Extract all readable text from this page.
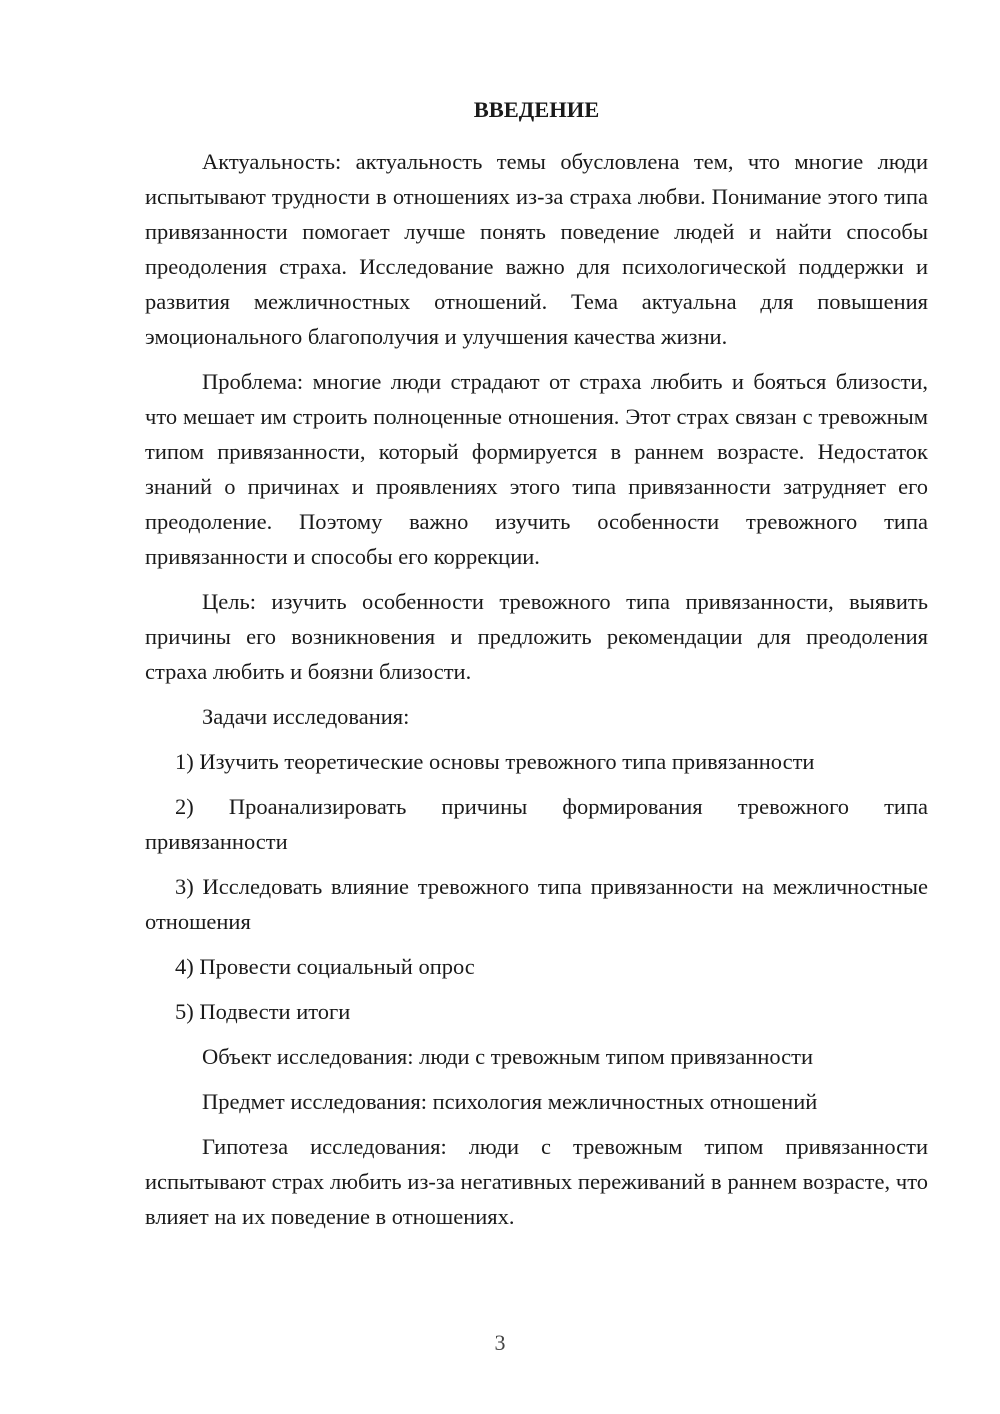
ВВЕДЕНИЕ

Актуальность: актуальность темы обусловлена тем, что многие люди испытывают трудности в отношениях из-за страха любви. Понимание этого типа привязанности помогает лучше понять поведение людей и найти способы преодоления страха. Исследование важно для психологической поддержки и развития межличностных отношений. Тема актуальна для повышения эмоционального благополучия и улучшения качества жизни.

Проблема: многие люди страдают от страха любить и бояться близости, что мешает им строить полноценные отношения. Этот страх связан с тревожным типом привязанности, который формируется в раннем возрасте. Недостаток знаний о причинах и проявлениях этого типа привязанности затрудняет его преодоление. Поэтому важно изучить особенности тревожного типа привязанности и способы его коррекции.

Цель: изучить особенности тревожного типа привязанности, выявить причины его возникновения и предложить рекомендации для преодоления страха любить и боязни близости.

Задачи исследования:

1) Изучить теоретические основы тревожного типа привязанности

2) Проанализировать причины формирования тревожного типа привязанности

3) Исследовать влияние тревожного типа привязанности на межличностные отношения

4) Провести социальный опрос

5) Подвести итоги

Объект исследования: люди с тревожным типом привязанности

Предмет исследования: психология межличностных отношений

Гипотеза исследования: люди с тревожным типом привязанности испытывают страх любить из-за негативных переживаний в раннем возрасте, что влияет на их поведение в отношениях.

3
